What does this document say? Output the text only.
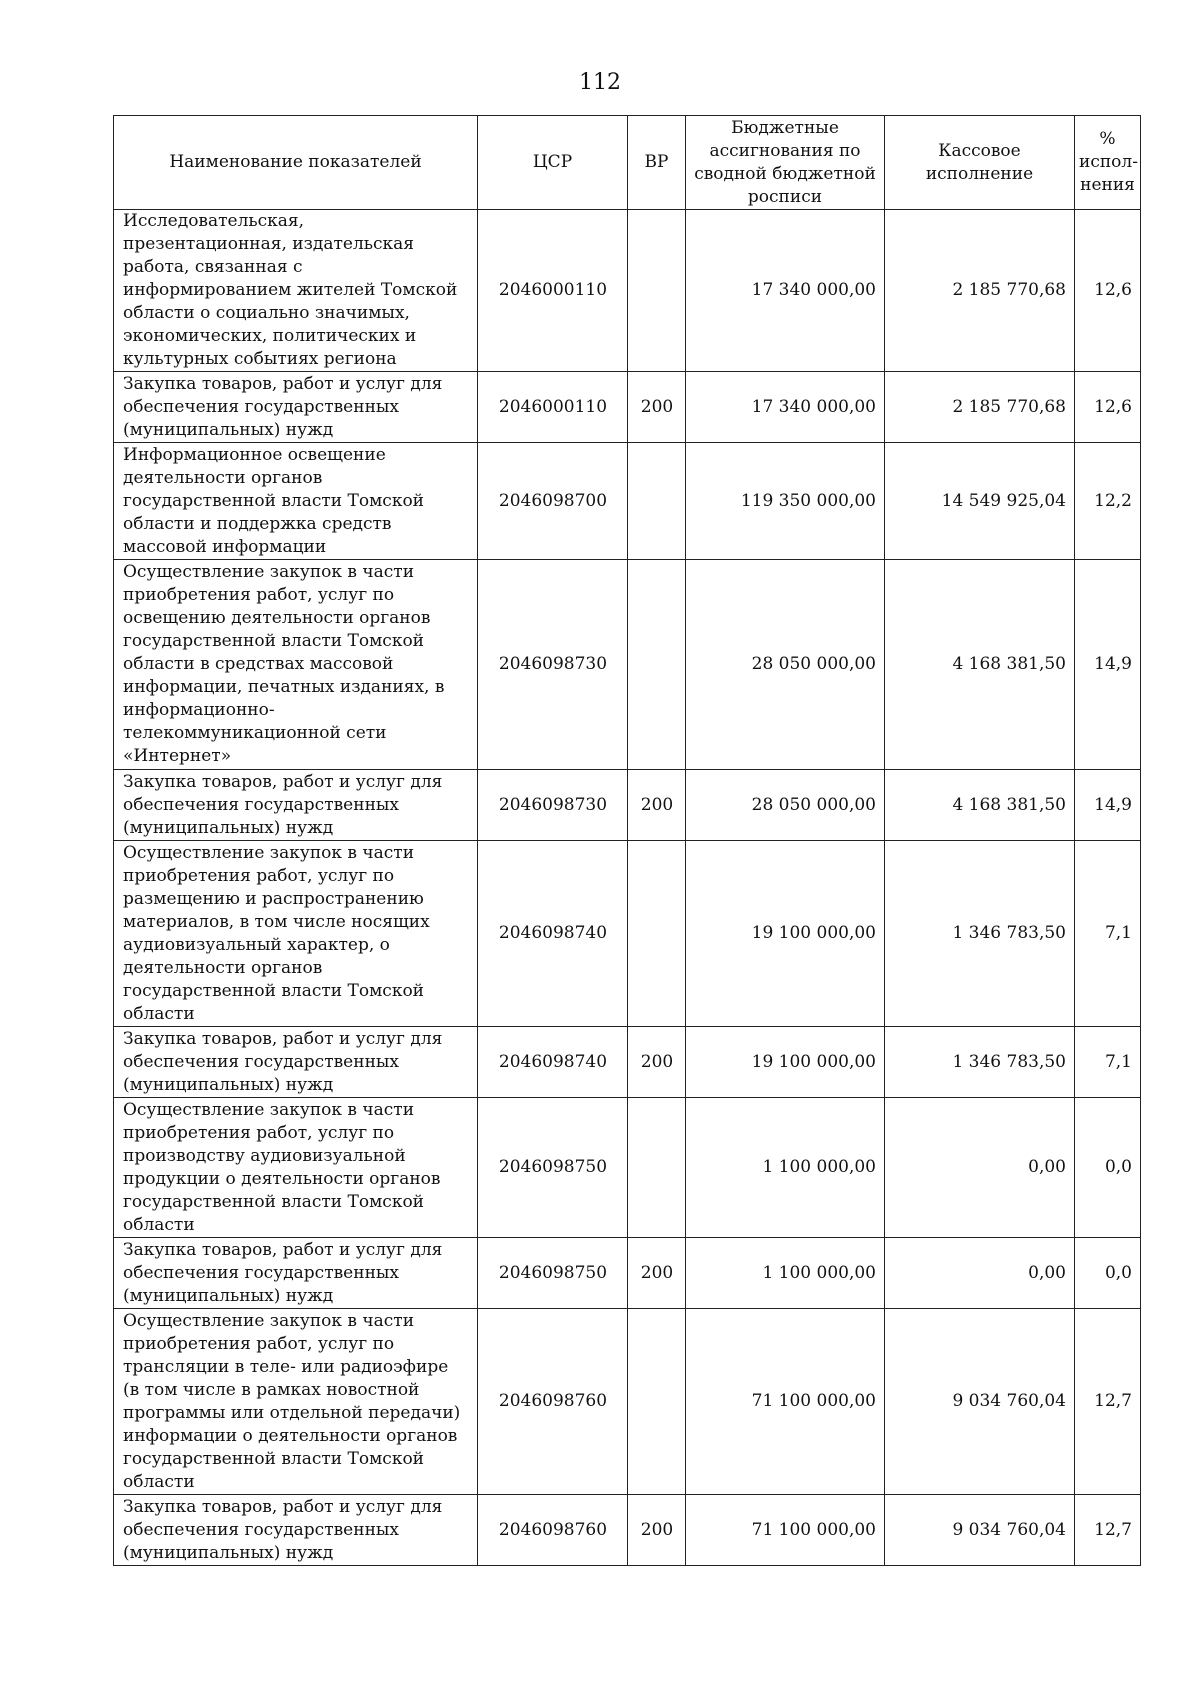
112
Наименование показателей	ЦСР	ВР	Бюджетные ассигнования по сводной бюджетной росписи	Кассовое исполнение	% испол-нения
Исследовательская, презентационная, издательская работа, связанная с информированием жителей Томской области о социально значимых, экономических, политических и культурных событиях региона	2046000110		17 340 000,00	2 185 770,68	12,6
Закупка товаров, работ и услуг для обеспечения государственных (муниципальных) нужд	2046000110	200	17 340 000,00	2 185 770,68	12,6
Информационное освещение деятельности органов государственной власти Томской области и поддержка средств массовой информации	2046098700		119 350 000,00	14 549 925,04	12,2
Осуществление закупок в части приобретения работ, услуг по освещению деятельности органов государственной власти Томской области в средствах массовой информации, печатных изданиях, в информационно-телекоммуникационной сети «Интернет»	2046098730		28 050 000,00	4 168 381,50	14,9
Закупка товаров, работ и услуг для обеспечения государственных (муниципальных) нужд	2046098730	200	28 050 000,00	4 168 381,50	14,9
Осуществление закупок в части приобретения работ, услуг по размещению и распространению материалов, в том числе носящих аудиовизуальный характер, о деятельности органов государственной власти Томской области	2046098740		19 100 000,00	1 346 783,50	7,1
Закупка товаров, работ и услуг для обеспечения государственных (муниципальных) нужд	2046098740	200	19 100 000,00	1 346 783,50	7,1
Осуществление закупок в части приобретения работ, услуг по производству аудиовизуальной продукции о деятельности органов государственной власти Томской области	2046098750		1 100 000,00	0,00	0,0
Закупка товаров, работ и услуг для обеспечения государственных (муниципальных) нужд	2046098750	200	1 100 000,00	0,00	0,0
Осуществление закупок в части приобретения работ, услуг по трансляции в теле- или радиоэфире (в том числе в рамках новостной программы или отдельной передачи) информации о деятельности органов государственной власти Томской области	2046098760		71 100 000,00	9 034 760,04	12,7
Закупка товаров, работ и услуг для обеспечения государственных (муниципальных) нужд	2046098760	200	71 100 000,00	9 034 760,04	12,7
